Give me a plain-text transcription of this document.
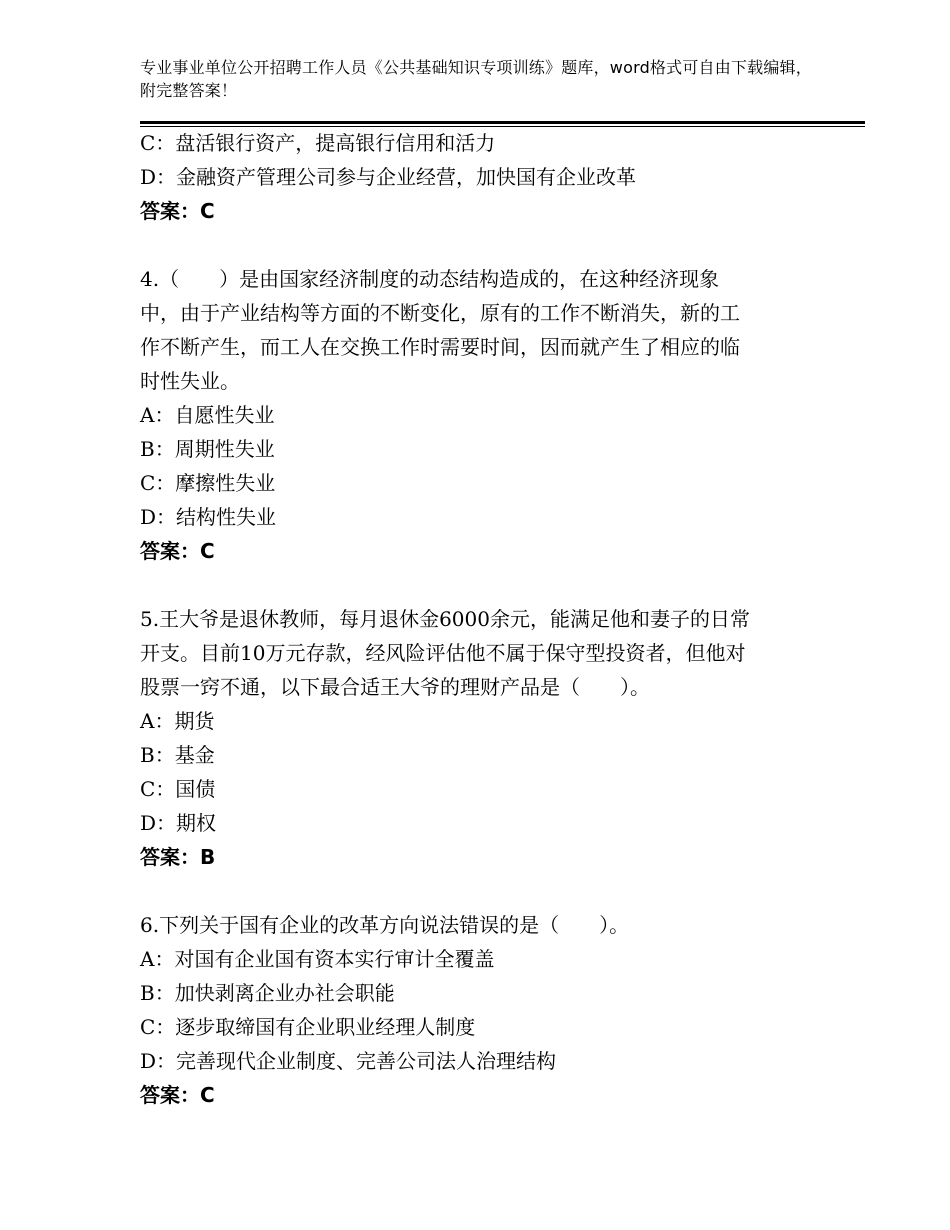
专业事业单位公开招聘工作人员《公共基础知识专项训练》题库，word格式可自由下载编辑，附完整答案！
C：盘活银行资产，提高银行信用和活力
D：金融资产管理公司参与企业经营，加快国有企业改革
答案：C
4.（　　）是由国家经济制度的动态结构造成的，在这种经济现象
中，由于产业结构等方面的不断变化，原有的工作不断消失，新的工
作不断产生，而工人在交换工作时需要时间，因而就产生了相应的临
时性失业。
A：自愿性失业
B：周期性失业
C：摩擦性失业
D：结构性失业
答案：C
5.王大爷是退休教师，每月退休金6000余元，能满足他和妻子的日常
开支。目前10万元存款，经风险评估他不属于保守型投资者，但他对
股票一窍不通，以下最合适王大爷的理财产品是（　　）。
A：期货
B：基金
C：国债
D：期权
答案：B
6.下列关于国有企业的改革方向说法错误的是（　　）。
A：对国有企业国有资本实行审计全覆盖
B：加快剥离企业办社会职能
C：逐步取缔国有企业职业经理人制度
D：完善现代企业制度、完善公司法人治理结构
答案：C
